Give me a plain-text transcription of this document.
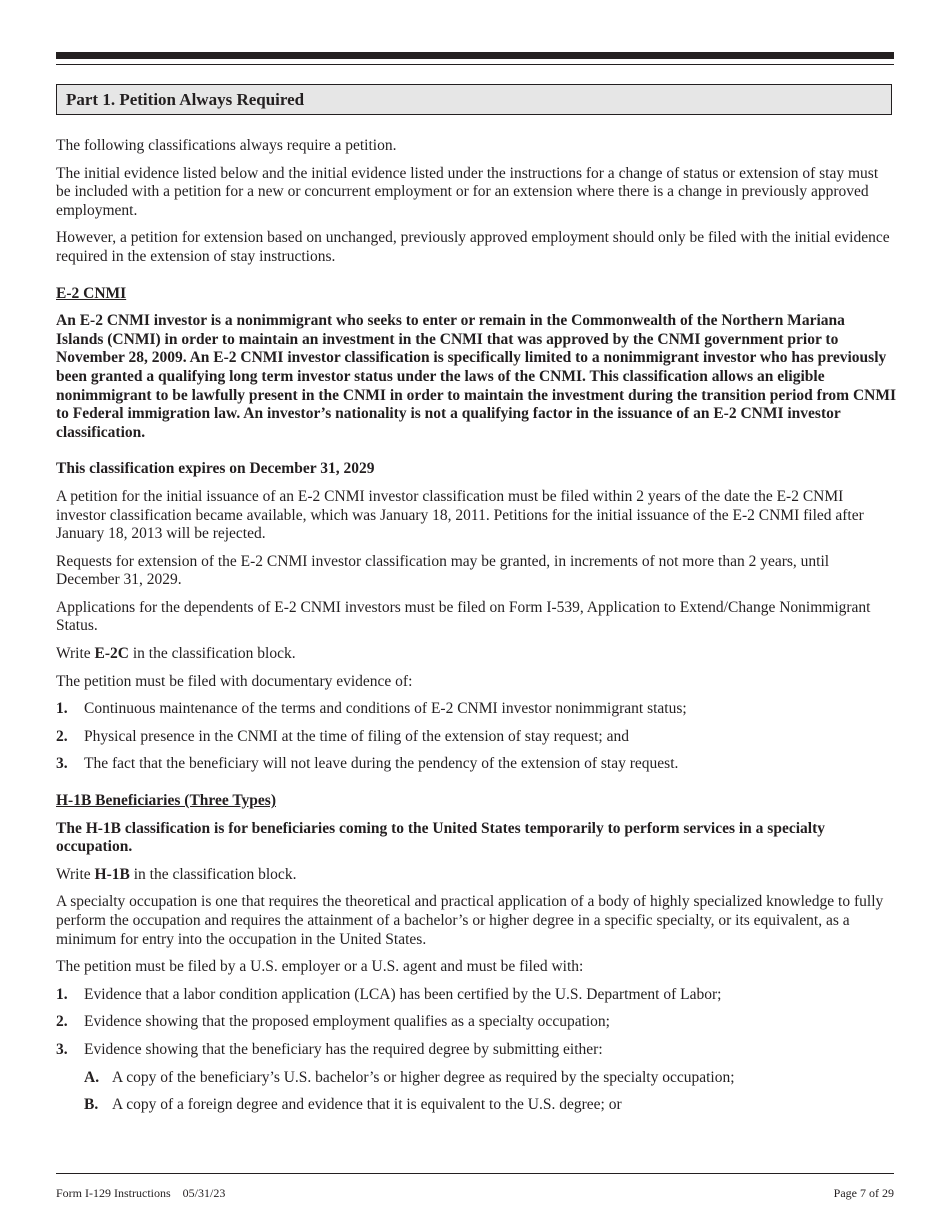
Part 1. Petition Always Required

The following classifications always require a petition.

The initial evidence listed below and the initial evidence listed under the instructions for a change of status or extension of stay must be included with a petition for a new or concurrent employment or for an extension where there is a change in previously approved employment.

However, a petition for extension based on unchanged, previously approved employment should only be filed with the initial evidence required in the extension of stay instructions.

E-2 CNMI

An E-2 CNMI investor is a nonimmigrant who seeks to enter or remain in the Commonwealth of the Northern Mariana Islands (CNMI) in order to maintain an investment in the CNMI that was approved by the CNMI government prior to November 28, 2009. An E-2 CNMI investor classification is specifically limited to a nonimmigrant investor who has previously been granted a qualifying long term investor status under the laws of the CNMI. This classification allows an eligible nonimmigrant to be lawfully present in the CNMI in order to maintain the investment during the transition period from CNMI to Federal immigration law. An investor’s nationality is not a qualifying factor in the issuance of an E-2 CNMI investor classification.

This classification expires on December 31, 2029

A petition for the initial issuance of an E-2 CNMI investor classification must be filed within 2 years of the date the E-2 CNMI investor classification became available, which was January 18, 2011. Petitions for the initial issuance of the E-2 CNMI filed after January 18, 2013 will be rejected.

Requests for extension of the E-2 CNMI investor classification may be granted, in increments of not more than 2 years, until December 31, 2029.

Applications for the dependents of E-2 CNMI investors must be filed on Form I-539, Application to Extend/Change Nonimmigrant Status.

Write E-2C in the classification block.

The petition must be filed with documentary evidence of:

1. Continuous maintenance of the terms and conditions of E-2 CNMI investor nonimmigrant status;
2. Physical presence in the CNMI at the time of filing of the extension of stay request; and
3. The fact that the beneficiary will not leave during the pendency of the extension of stay request.
H-1B Beneficiaries (Three Types)

The H-1B classification is for beneficiaries coming to the United States temporarily to perform services in a specialty occupation.

Write H-1B in the classification block.

A specialty occupation is one that requires the theoretical and practical application of a body of highly specialized knowledge to fully perform the occupation and requires the attainment of a bachelor’s or higher degree in a specific specialty, or its equivalent, as a minimum for entry into the occupation in the United States.

The petition must be filed by a U.S. employer or a U.S. agent and must be filed with:

1. Evidence that a labor condition application (LCA) has been certified by the U.S. Department of Labor;
2. Evidence showing that the proposed employment qualifies as a specialty occupation;
3. Evidence showing that the beneficiary has the required degree by submitting either:
A. A copy of the beneficiary’s U.S. bachelor’s or higher degree as required by the specialty occupation;
B. A copy of a foreign degree and evidence that it is equivalent to the U.S. degree; or
Form I-129 Instructions    05/31/23	Page 7 of 29
